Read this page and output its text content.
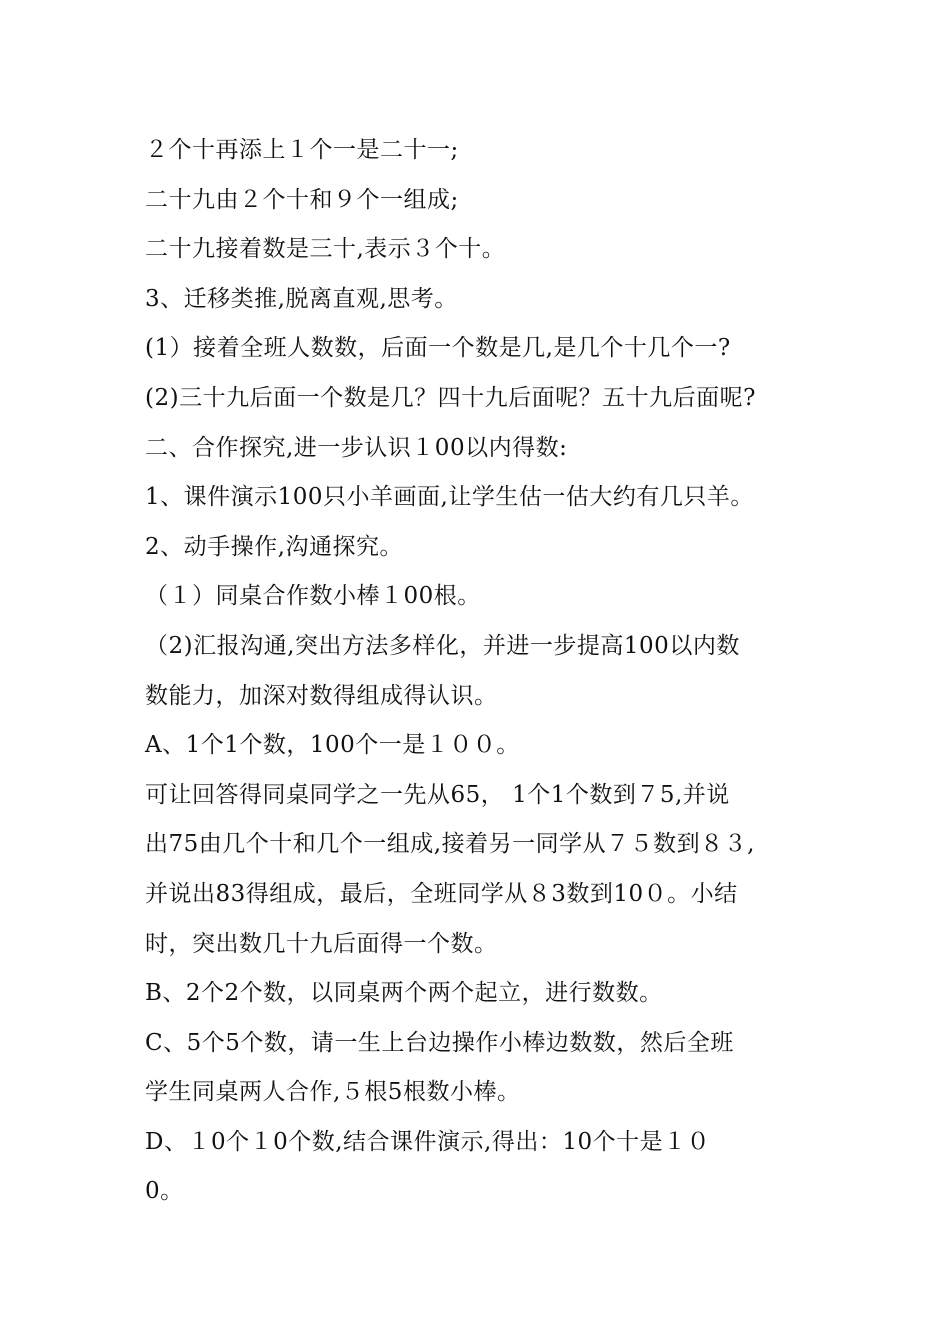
２个十再添上１个一是二十一;
二十九由２个十和９个一组成;
二十九接着数是三十,表示３个十。
3、迁移类推,脱离直观,思考。
(1）接着全班人数数，后面一个数是几,是几个十几个一?
(2)三十九后面一个数是几？四十九后面呢？五十九后面呢?
二、合作探究,进一步认识１00以内得数:
1、课件演示100只小羊画面,让学生估一估大约有几只羊。
2、动手操作,沟通探究。
（１）同桌合作数小棒１00根。
（2)汇报沟通,突出方法多样化，并进一步提高100以内数
数能力，加深对数得组成得认识。
A、1个1个数，100个一是１００。
可让回答得同桌同学之一先从65， 1个1个数到７5,并说
出75由几个十和几个一组成,接着另一同学从７５数到８３,
并说出83得组成，最后，全班同学从８3数到10０。小结
时，突出数几十九后面得一个数。
B、2个2个数，以同桌两个两个起立，进行数数。
C、5个5个数，请一生上台边操作小棒边数数，然后全班
学生同桌两人合作,５根5根数小棒。
D、１0个１0个数,结合课件演示,得出：10个十是１０
0。
